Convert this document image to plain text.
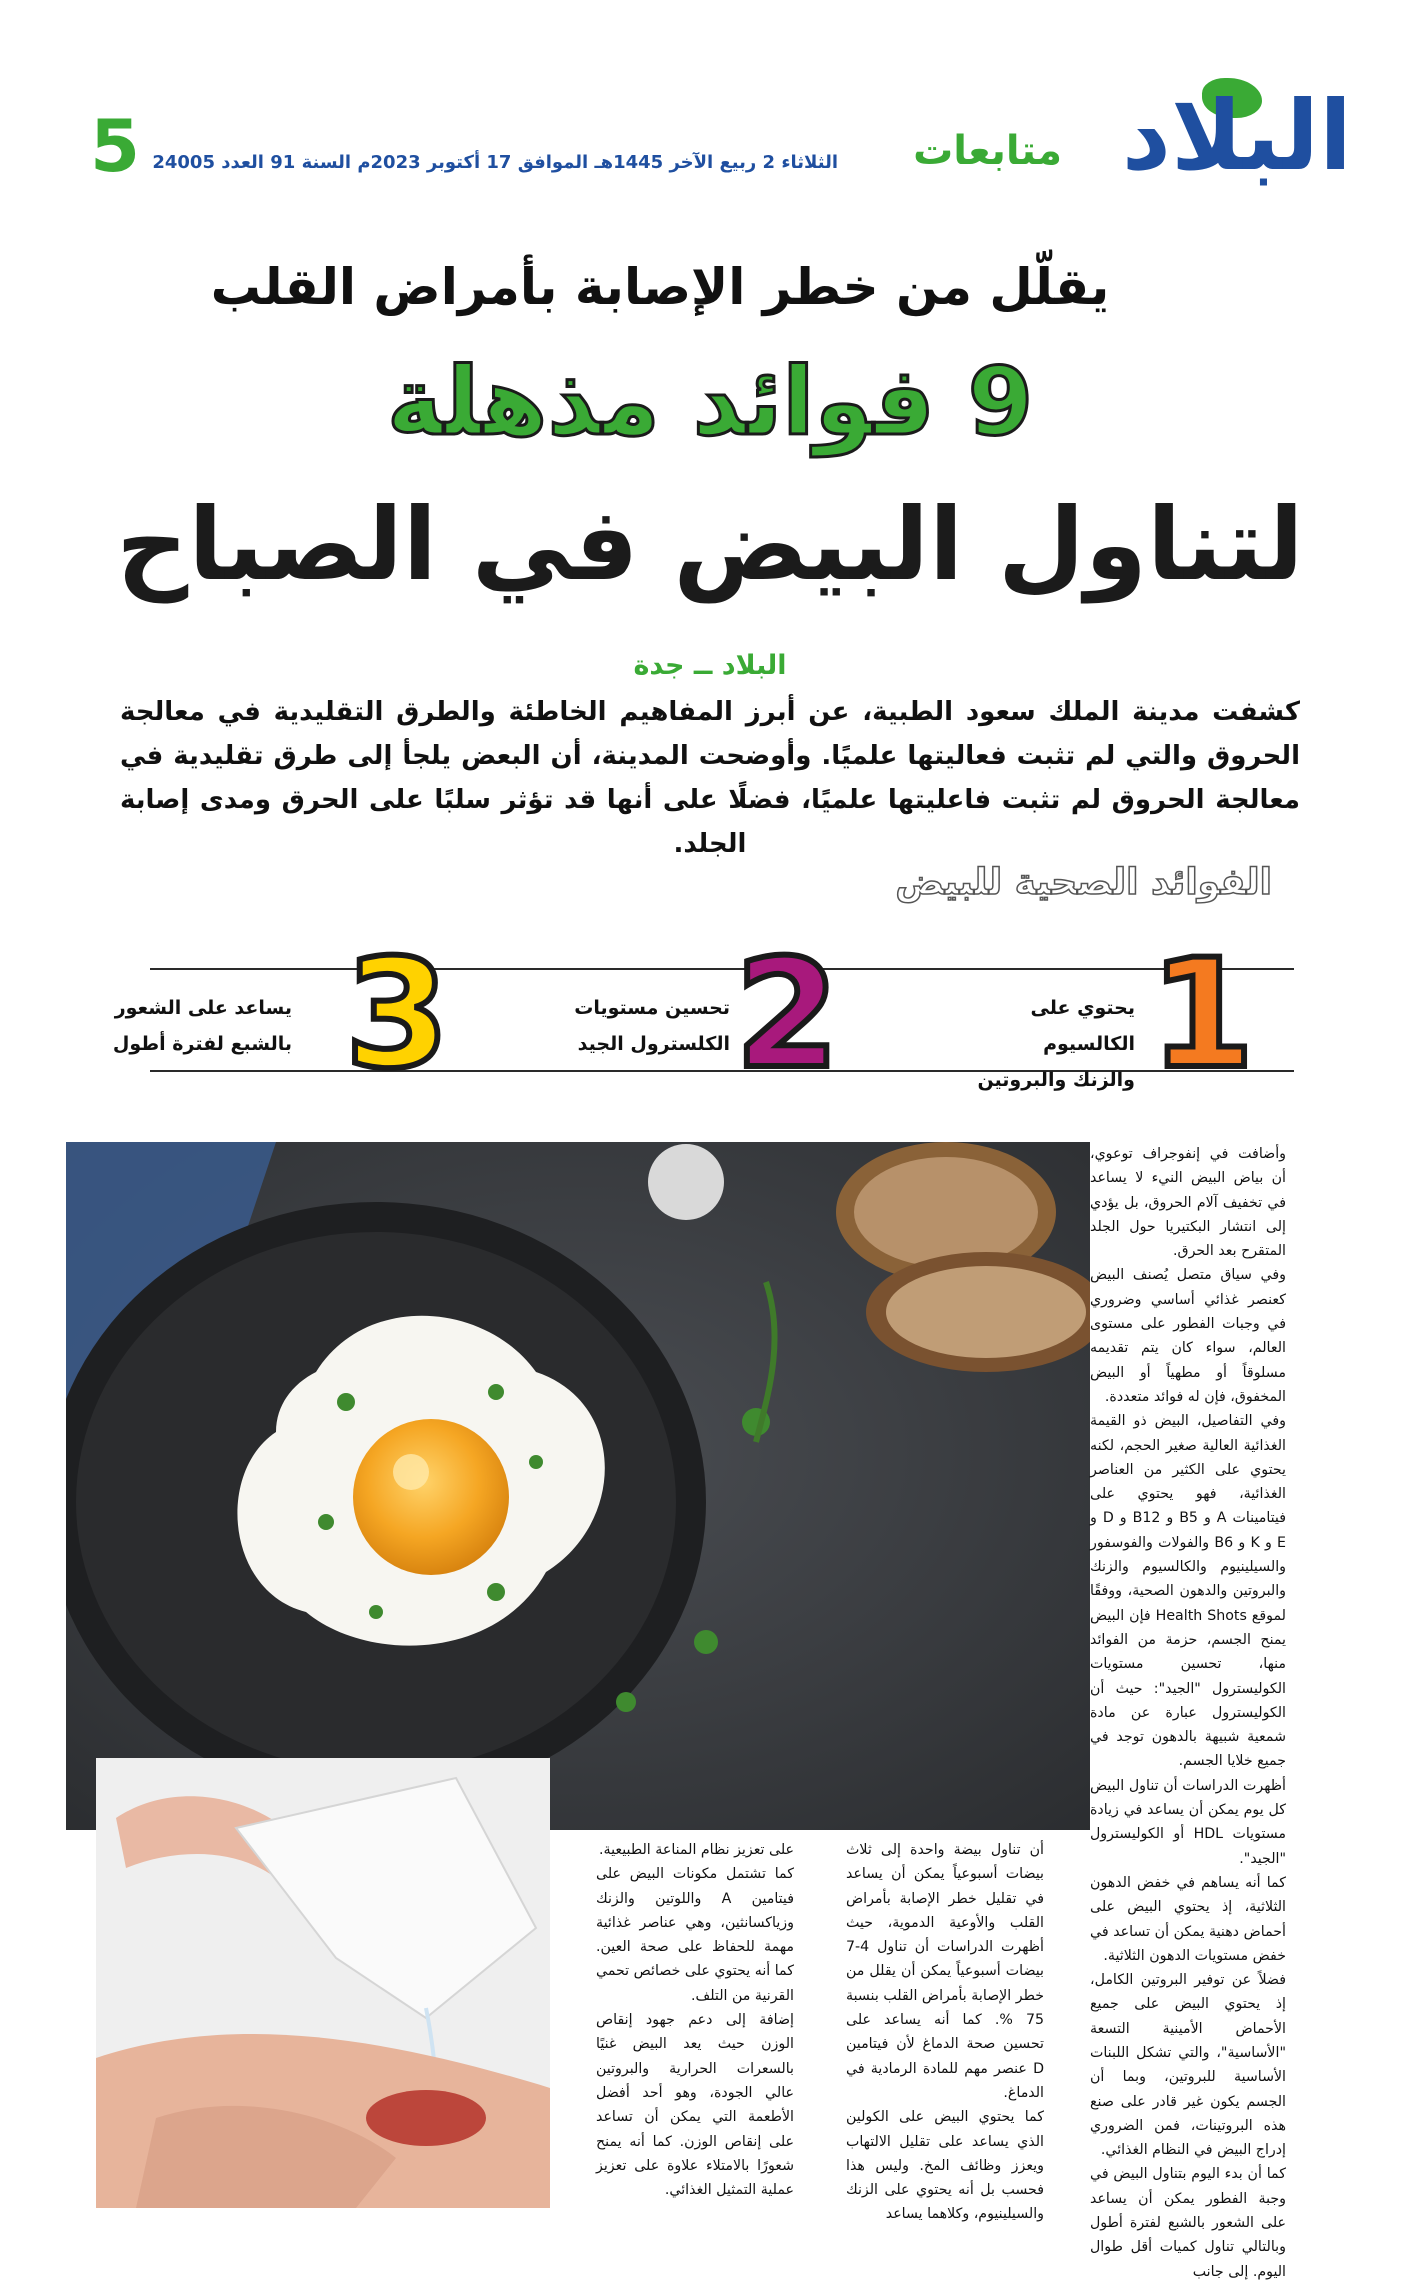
البلاد
متابعات
الثلاثاء 2 ربيع الآخر 1445هـ الموافق 17 أكتوبر 2023م السنة 91 العدد 24005
5
يقلّل من خطر الإصابة بأمراض القلب
9 فوائد مذهلة
لتناول البيض في الصباح
البلاد ــ جدة
كشفت مدينة الملك سعود الطبية، عن أبرز المفاهيم الخاطئة والطرق التقليدية في معالجة الحروق والتي لم تثبت فعاليتها علميًا. وأوضحت المدينة، أن البعض يلجأ إلى طرق تقليدية في معالجة الحروق لم تثبت فاعليتها علميًا، فضلًا على أنها قد تؤثر سلبًا على الحرق ومدى إصابة الجلد.
الفوائد الصحية للبيض
1
يحتوي على الكالسيوم
والزنك والبروتين
2
تحسين مستويات
الكلسترول الجيد
3
يساعد على الشعور
بالشبع لفترة أطول

وأضافت في إنفوجراف توعوي، أن بياض البيض النيء لا يساعد في تخفيف آلام الحروق، بل يؤدي إلى انتشار البكتيريا حول الجلد المتقرح بعد الحرق.

وفي سياق متصل يُصنف البيض كعنصر غذائي أساسي وضروري في وجبات الفطور على مستوى العالم، سواء كان يتم تقديمه مسلوقاً أو مطهياً أو البيض المخفوق، فإن له فوائد متعددة.

وفي التفاصيل، البيض ذو القيمة الغذائية العالية صغير الحجم، لكنه يحتوي على الكثير من العناصر الغذائية، فهو يحتوي على فيتامينات A و B5 و B12 و D و E و K و B6 والفولات والفوسفور والسيلينيوم والكالسيوم والزنك والبروتين والدهون الصحية، ووفقًا لموقع Health Shots فإن البيض يمنح الجسم، حزمة من الفوائد منها، تحسين مستويات الكوليسترول "الجيد": حيث أن الكوليسترول عبارة عن مادة شمعية شبيهة بالدهون توجد في جميع خلايا الجسم.

أظهرت الدراسات أن تناول البيض كل يوم يمكن أن يساعد في زيادة مستويات HDL أو الكوليسترول "الجيد".

كما أنه يساهم في خفض الدهون الثلاثية، إذ يحتوي البيض على أحماض دهنية يمكن أن تساعد في خفض مستويات الدهون الثلاثية.

فضلاً عن توفير البروتين الكامل، إذ يحتوي البيض على جميع الأحماض الأمينية التسعة "الأساسية"، والتي تشكل اللبنات الأساسية للبروتين، وبما أن الجسم يكون غير قادر على صنع هذه البروتينات، فمن الضروري إدراج البيض في النظام الغذائي.

كما أن بدء اليوم بتناول البيض في وجبة الفطور يمكن أن يساعد على الشعور بالشبع لفترة أطول وبالتالي تناول كميات أقل طوال اليوم. إلى جانب

أن تناول بيضة واحدة إلى ثلاث بيضات أسبوعياً يمكن أن يساعد في تقليل خطر الإصابة بأمراض القلب والأوعية الدموية، حيث أظهرت الدراسات أن تناول 4-7 بيضات أسبوعياً يمكن أن يقلل من خطر الإصابة بأمراض القلب بنسبة 75 %. كما أنه يساعد على تحسين صحة الدماغ لأن فيتامين D عنصر مهم للمادة الرمادية في الدماغ.

كما يحتوي البيض على الكولين الذي يساعد على تقليل الالتهاب ويعزز وظائف المخ. وليس هذا فحسب بل أنه يحتوي على الزنك والسيلينيوم، وكلاهما يساعد

على تعزيز نظام المناعة الطبيعية.

كما تشتمل مكونات البيض على فيتامين A واللوتين والزنك وزياكسانثين، وهي عناصر غذائية مهمة للحفاظ على صحة العين. كما أنه يحتوي على خصائص تحمي القرنية من التلف.

إضافة إلى دعم جهود إنقاص الوزن حيث يعد البيض غنيًا بالسعرات الحرارية والبروتين عالي الجودة، وهو أحد أفضل الأطعمة التي يمكن أن تساعد على إنقاص الوزن. كما أنه يمنح شعورًا بالامتلاء علاوة على تعزيز عملية التمثيل الغذائي.
